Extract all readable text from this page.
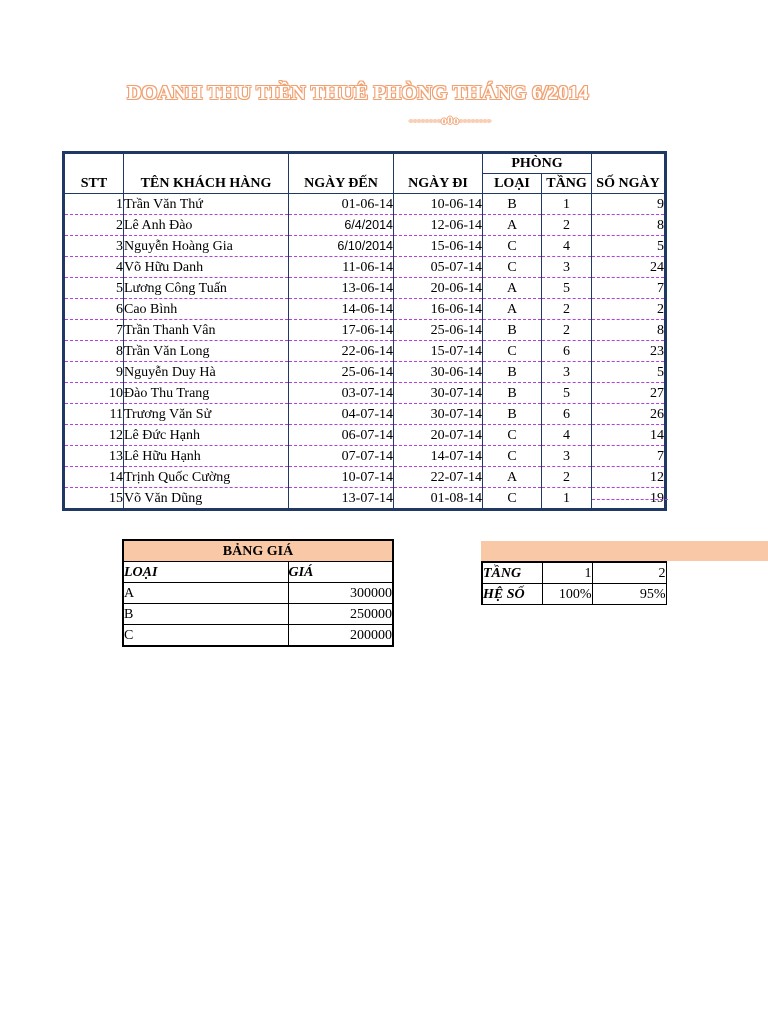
DOANH THU TIỀN THUÊ PHÒNG THÁNG 6/2014
--------o0o--------
STT	TÊN KHÁCH HÀNG	NGÀY ĐẾN	NGÀY ĐI	PHÒNG		SỐ NGÀY
				LOẠI	TẦNG	
1	Trần Văn Thứ	01-06-14	10-06-14	B	1	9
2	Lê Anh Đào	6/4/2014	12-06-14	A	2	8
3	Nguyễn Hoàng Gia	6/10/2014	15-06-14	C	4	5
4	Võ Hữu Danh	11-06-14	05-07-14	C	3	24
5	Lương Công Tuấn	13-06-14	20-06-14	A	5	7
6	Cao Bình	14-06-14	16-06-14	A	2	2
7	Trần Thanh Vân	17-06-14	25-06-14	B	2	8
8	Trần Văn Long	22-06-14	15-07-14	C	6	23
9	Nguyễn Duy Hà	25-06-14	30-06-14	B	3	5
10	Đào Thu Trang	03-07-14	30-07-14	B	5	27
11	Trương Văn Sử	04-07-14	30-07-14	B	6	26
12	Lê Đức Hạnh	06-07-14	20-07-14	C	4	14
13	Lê Hữu Hạnh	07-07-14	14-07-14	C	3	7
14	Trịnh Quốc Cường	10-07-14	22-07-14	A	2	12
15	Võ Văn Dũng	13-07-14	01-08-14	C	1	19
BẢNG GIÁ	
LOẠI	GIÁ
A	300000
B	250000
C	200000
TẦNG	1	2
HỆ SỐ	100%	95%
